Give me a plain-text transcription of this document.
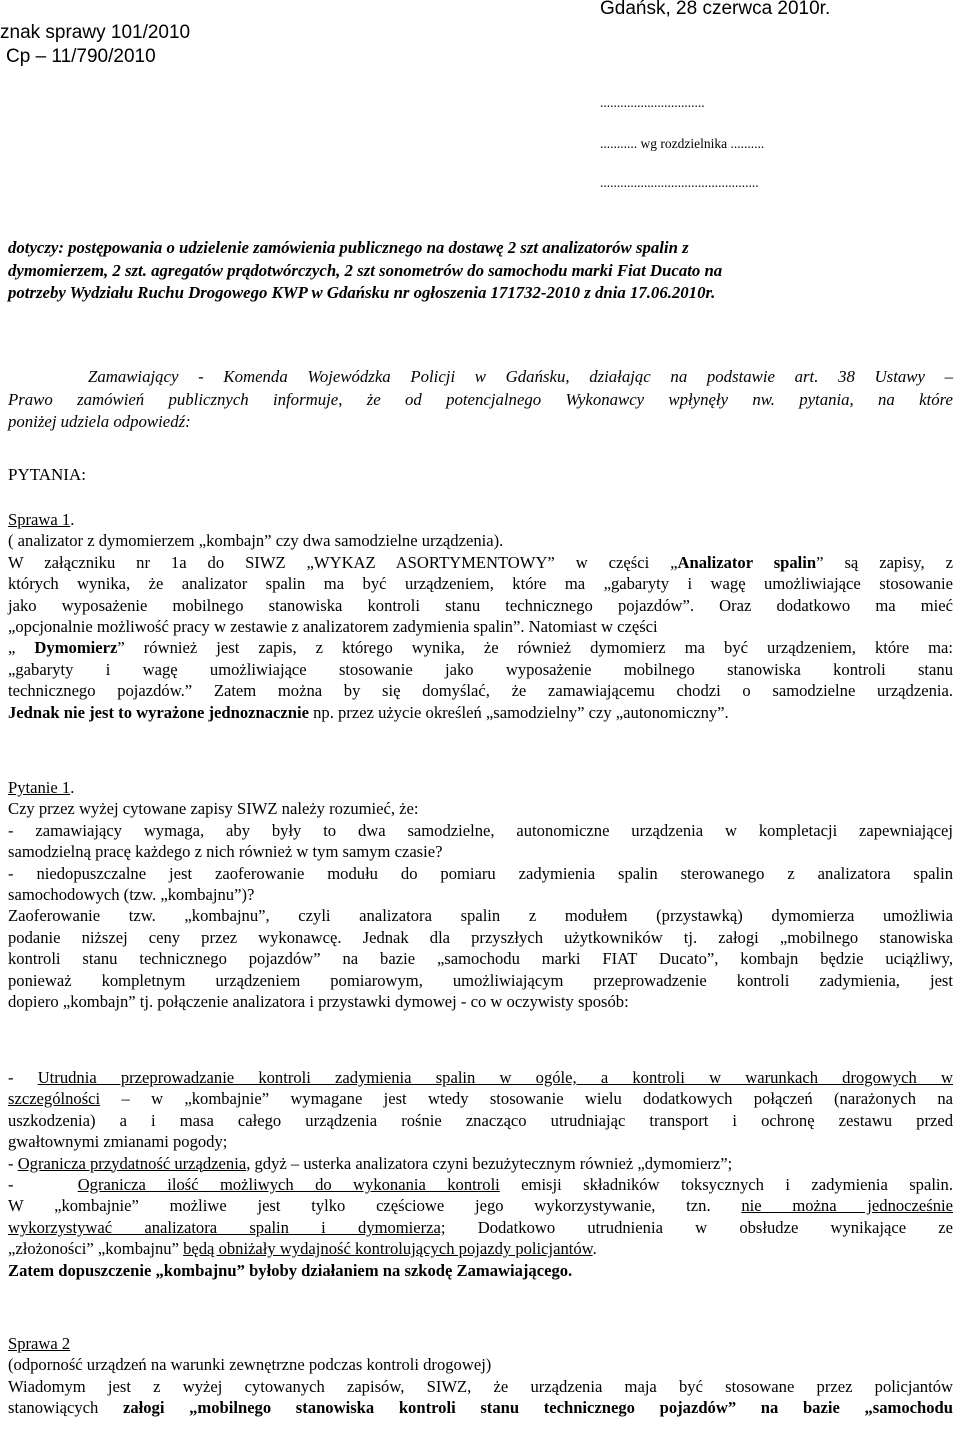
znak sprawy 101/2010
Cp – 11/790/2010
Gdańsk, 28 czerwca 2010r.
...............................
........... wg rozdzielnika ..........
...............................................
dotyczy: postępowania o udzielenie zamówienia publicznego na dostawę 2 szt analizatorów spalin z
dymomierzem, 2 szt. agregatów prądotwórczych, 2 szt sonometrów do samochodu marki Fiat Ducato na
potrzeby Wydziału Ruchu Drogowego KWP w Gdańsku nr ogłoszenia 171732-2010 z dnia 17.06.2010r.
Zamawiający - Komenda Wojewódzka Policji w Gdańsku, działając na podstawie art. 38 Ustawy –
Prawo zamówień publicznych informuje, że od potencjalnego Wykonawcy wpłynęły nw. pytania, na które
poniżej udziela odpowiedź:
PYTANIA:
Sprawa 1.
( analizator z dymomierzem „kombajn” czy dwa samodzielne urządzenia).
W załączniku nr 1a do SIWZ „WYKAZ ASORTYMENTOWY” w części „Analizator spalin” są zapisy, z
których wynika, że analizator spalin ma być urządzeniem, które ma „gabaryty i wagę umożliwiające stosowanie
jako wyposażenie mobilnego stanowiska kontroli stanu technicznego pojazdów”. Oraz dodatkowo ma mieć
„opcjonalnie możliwość pracy w zestawie z analizatorem zadymienia spalin”. Natomiast w części
„ Dymomierz” również jest zapis, z którego wynika, że również dymomierz ma być urządzeniem, które ma:
„gabaryty i wagę umożliwiające stosowanie jako wyposażenie mobilnego stanowiska kontroli stanu
technicznego pojazdów.” Zatem można by się domyślać, że zamawiającemu chodzi o samodzielne urządzenia.
Jednak nie jest to wyrażone jednoznacznie np. przez użycie określeń „samodzielny” czy „autonomiczny”.
Pytanie 1.
Czy przez wyżej cytowane zapisy SIWZ należy rozumieć, że:
- zamawiający wymaga, aby były to dwa samodzielne, autonomiczne urządzenia w kompletacji zapewniającej
samodzielną pracę każdego z nich również w tym samym czasie?
- niedopuszczalne jest zaoferowanie modułu do pomiaru zadymienia spalin sterowanego z analizatora spalin
samochodowych (tzw. „kombajnu”)?
Zaoferowanie tzw. „kombajnu”, czyli analizatora spalin z modułem (przystawką) dymomierza umożliwia
podanie niższej ceny przez wykonawcę. Jednak dla przyszłych użytkowników tj. załogi „mobilnego stanowiska
kontroli stanu technicznego pojazdów” na bazie „samochodu marki FIAT Ducato”, kombajn będzie uciążliwy,
ponieważ kompletnym urządzeniem pomiarowym, umożliwiającym przeprowadzenie kontroli zadymienia, jest
dopiero „kombajn” tj. połączenie analizatora i przystawki dymowej - co w oczywisty sposób:
- Utrudnia przeprowadzanie kontroli zadymienia spalin w ogóle, a kontroli w warunkach drogowych w
szczególności – w „kombajnie” wymagane jest wtedy stosowanie wielu dodatkowych połączeń (narażonych na
uszkodzenia) a i masa całego urządzenia rośnie znacząco utrudniając transport i ochronę zestawu przed
gwałtownymi zmianami pogody;
- Ogranicza przydatność urządzenia, gdyż – usterka analizatora czyni bezużytecznym również „dymomierz”;
-   Ogranicza ilość możliwych do wykonania kontroli emisji składników toksycznych i zadymienia spalin.
W „kombajnie” możliwe jest tylko częściowe jego wykorzystywanie, tzn. nie można jednocześnie
wykorzystywać analizatora spalin i dymomierza; Dodatkowo utrudnienia w obsłudze wynikające ze
„złożoności” „kombajnu” będą obniżały wydajność kontrolujących pojazdy policjantów.
Zatem dopuszczenie „kombajnu” byłoby działaniem na szkodę Zamawiającego.
Sprawa 2
(odporność urządzeń na warunki zewnętrzne podczas kontroli drogowej)
Wiadomym jest z wyżej cytowanych zapisów, SIWZ, że urządzenia maja być stosowane przez policjantów
stanowiących załogi „mobilnego stanowiska kontroli stanu technicznego pojazdów” na bazie „samochodu
